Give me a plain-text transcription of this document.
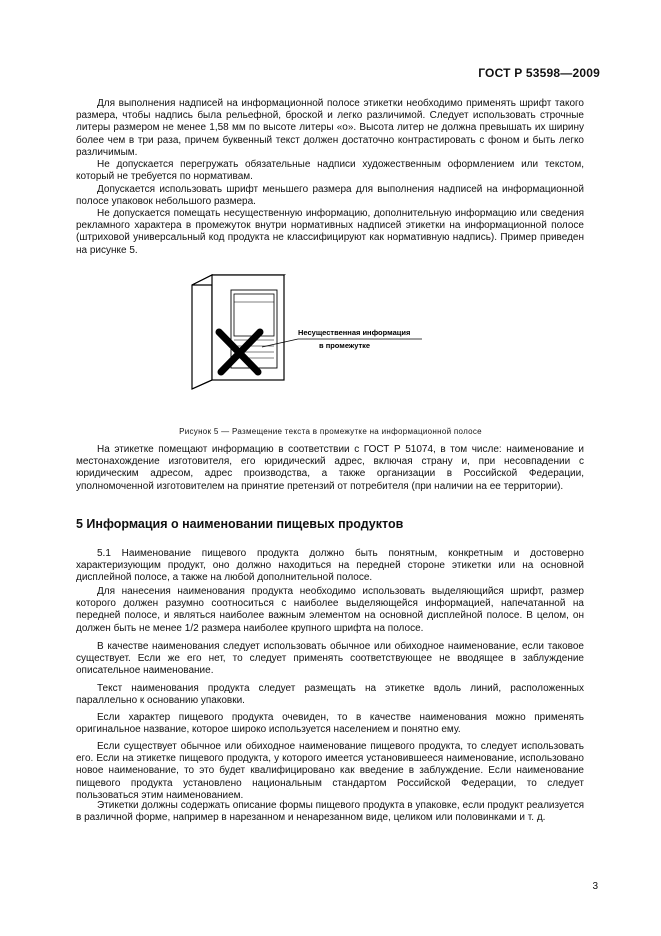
ГОСТ Р 53598—2009

Для выполнения надписей на информационной полосе этикетки необходимо применять шрифт такого размера, чтобы надпись была рельефной, броской и легко различимой. Следует использовать строчные литеры размером не менее 1,58 мм по высоте литеры «о». Высота литер не должна превышать их ширину более чем в три раза, причем буквенный текст должен достаточно контрастировать с фоном и быть легко различимым.

Не допускается перегружать обязательные надписи художественным оформлением или текстом, который не требуется по нормативам.

Допускается использовать шрифт меньшего размера для выполнения надписей на информационной полосе упаковок небольшого размера.

Не допускается помещать несущественную информацию, дополнительную информацию или сведения рекламного характера в промежуток внутри нормативных надписей этикетки на информационной полосе (штриховой универсальный код продукта не классифицируют как нормативную надпись). Пример приведен на рисунке 5.

Несущественная информация
в промежутке
Рисунок 5 — Размещение текста в промежутке на информационной полосе

На этикетке помещают информацию в соответствии с ГОСТ Р 51074, в том числе: наименование и местонахождение изготовителя, его юридический адрес, включая страну и, при несовпадении с юридическим адресом, адрес производства, а также организации в Российской Федерации, уполномоченной изготовителем на принятие претензий от потребителя (при наличии на ее территории).

5 Информация о наименовании пищевых продуктов

5.1 Наименование пищевого продукта должно быть понятным, конкретным и достоверно характеризующим продукт, оно должно находиться на передней стороне этикетки или на основной дисплейной полосе, а также на любой дополнительной полосе.

Для нанесения наименования продукта необходимо использовать выделяющийся шрифт, размер которого должен разумно соотноситься с наиболее выделяющейся информацией, напечатанной на передней полосе, и являться наиболее важным элементом на основной дисплейной полосе. В целом, он должен быть не менее 1/2 размера наиболее крупного шрифта на полосе.

В качестве наименования следует использовать обычное или обиходное наименование, если таковое существует. Если же его нет, то следует применять соответствующее не вводящее в заблуждение описательное наименование.

Текст наименования продукта следует размещать на этикетке вдоль линий, расположенных параллельно к основанию упаковки.

Если характер пищевого продукта очевиден, то в качестве наименования можно применять оригинальное название, которое широко используется населением и понятно ему.

Если существует обычное или обиходное наименование пищевого продукта, то следует использовать его. Если на этикетке пищевого продукта, у которого имеется установившееся наименование, использовано новое наименование, то это будет квалифицировано как введение в заблуждение. Если наименование пищевого продукта установлено национальным стандартом Российской Федерации, то следует пользоваться этим наименованием.

Этикетки должны содержать описание формы пищевого продукта в упаковке, если продукт реализуется в различной форме, например в нарезанном и ненарезанном виде, целиком или половинками и т. д.

3
